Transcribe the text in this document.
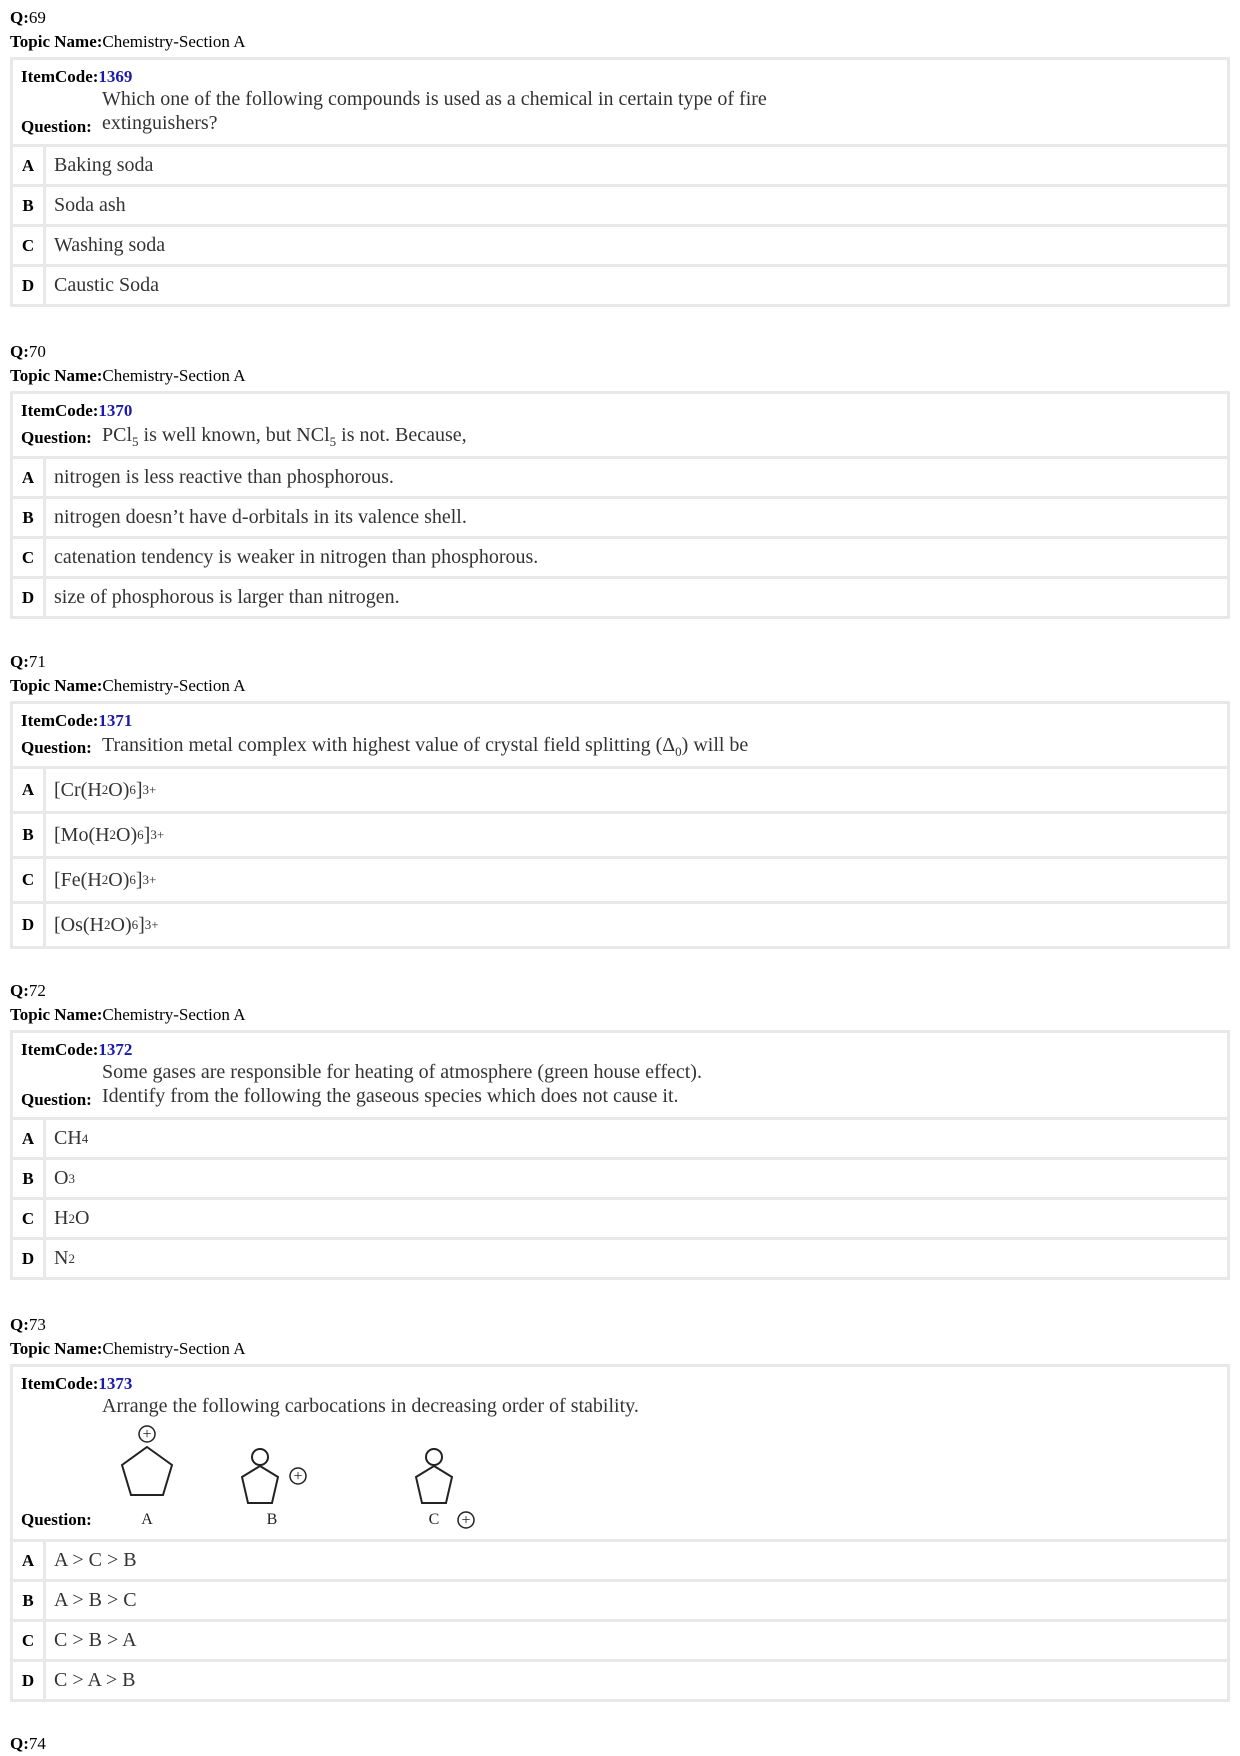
Q:69
Topic Name:Chemistry-Section A
ItemCode:1369
Which one of the following compounds is used as a chemical in certain type of fire
extinguishers?
Question:
A Baking soda
B	Soda ash
C Washing soda
D Caustic Soda
Q:70
Topic Name:Chemistry-Section A
ItemCode:1370
Question: PCl$_5$ is well known, but NCl$_5$ is not. Because,
A nitrogen is less reactive than phosphorous.
B	nitrogen doesn’t have d-orbitals in its valence shell.
C catenation tendency is weaker in nitrogen than phosphorous.
D size of phosphorous is larger than nitrogen.
Q:71
Topic Name:Chemistry-Section A
ItemCode:1371
Question: Transition metal complex with highest value of crystal field splitting $(\Delta_0)$ will be
A [Cr(H 2 O) 6 ] 3+
B	[Mo(H 2 O) 6 ] 3+
C [Fe(H 2 O) 6 ] 3+
D [Os(H 2 O) 6 ] 3+
Q:72
Topic Name:Chemistry-Section A
ItemCode:1372
Some gases are responsible for heating of atmosphere (green house effect).
Identify from the following the gaseous species which does not cause it.
Question:
A CH 4
B	O 3
C H 2 O
D N 2
Q:73
Topic Name:Chemistry-Section A
ItemCode:1373
Arrange the following carbocations in decreasing order of stability.
Question:
+
+
+
A	B	C
A A > C > B
B	A > B > C
C C > B > A
D C > A > B
Q:74
